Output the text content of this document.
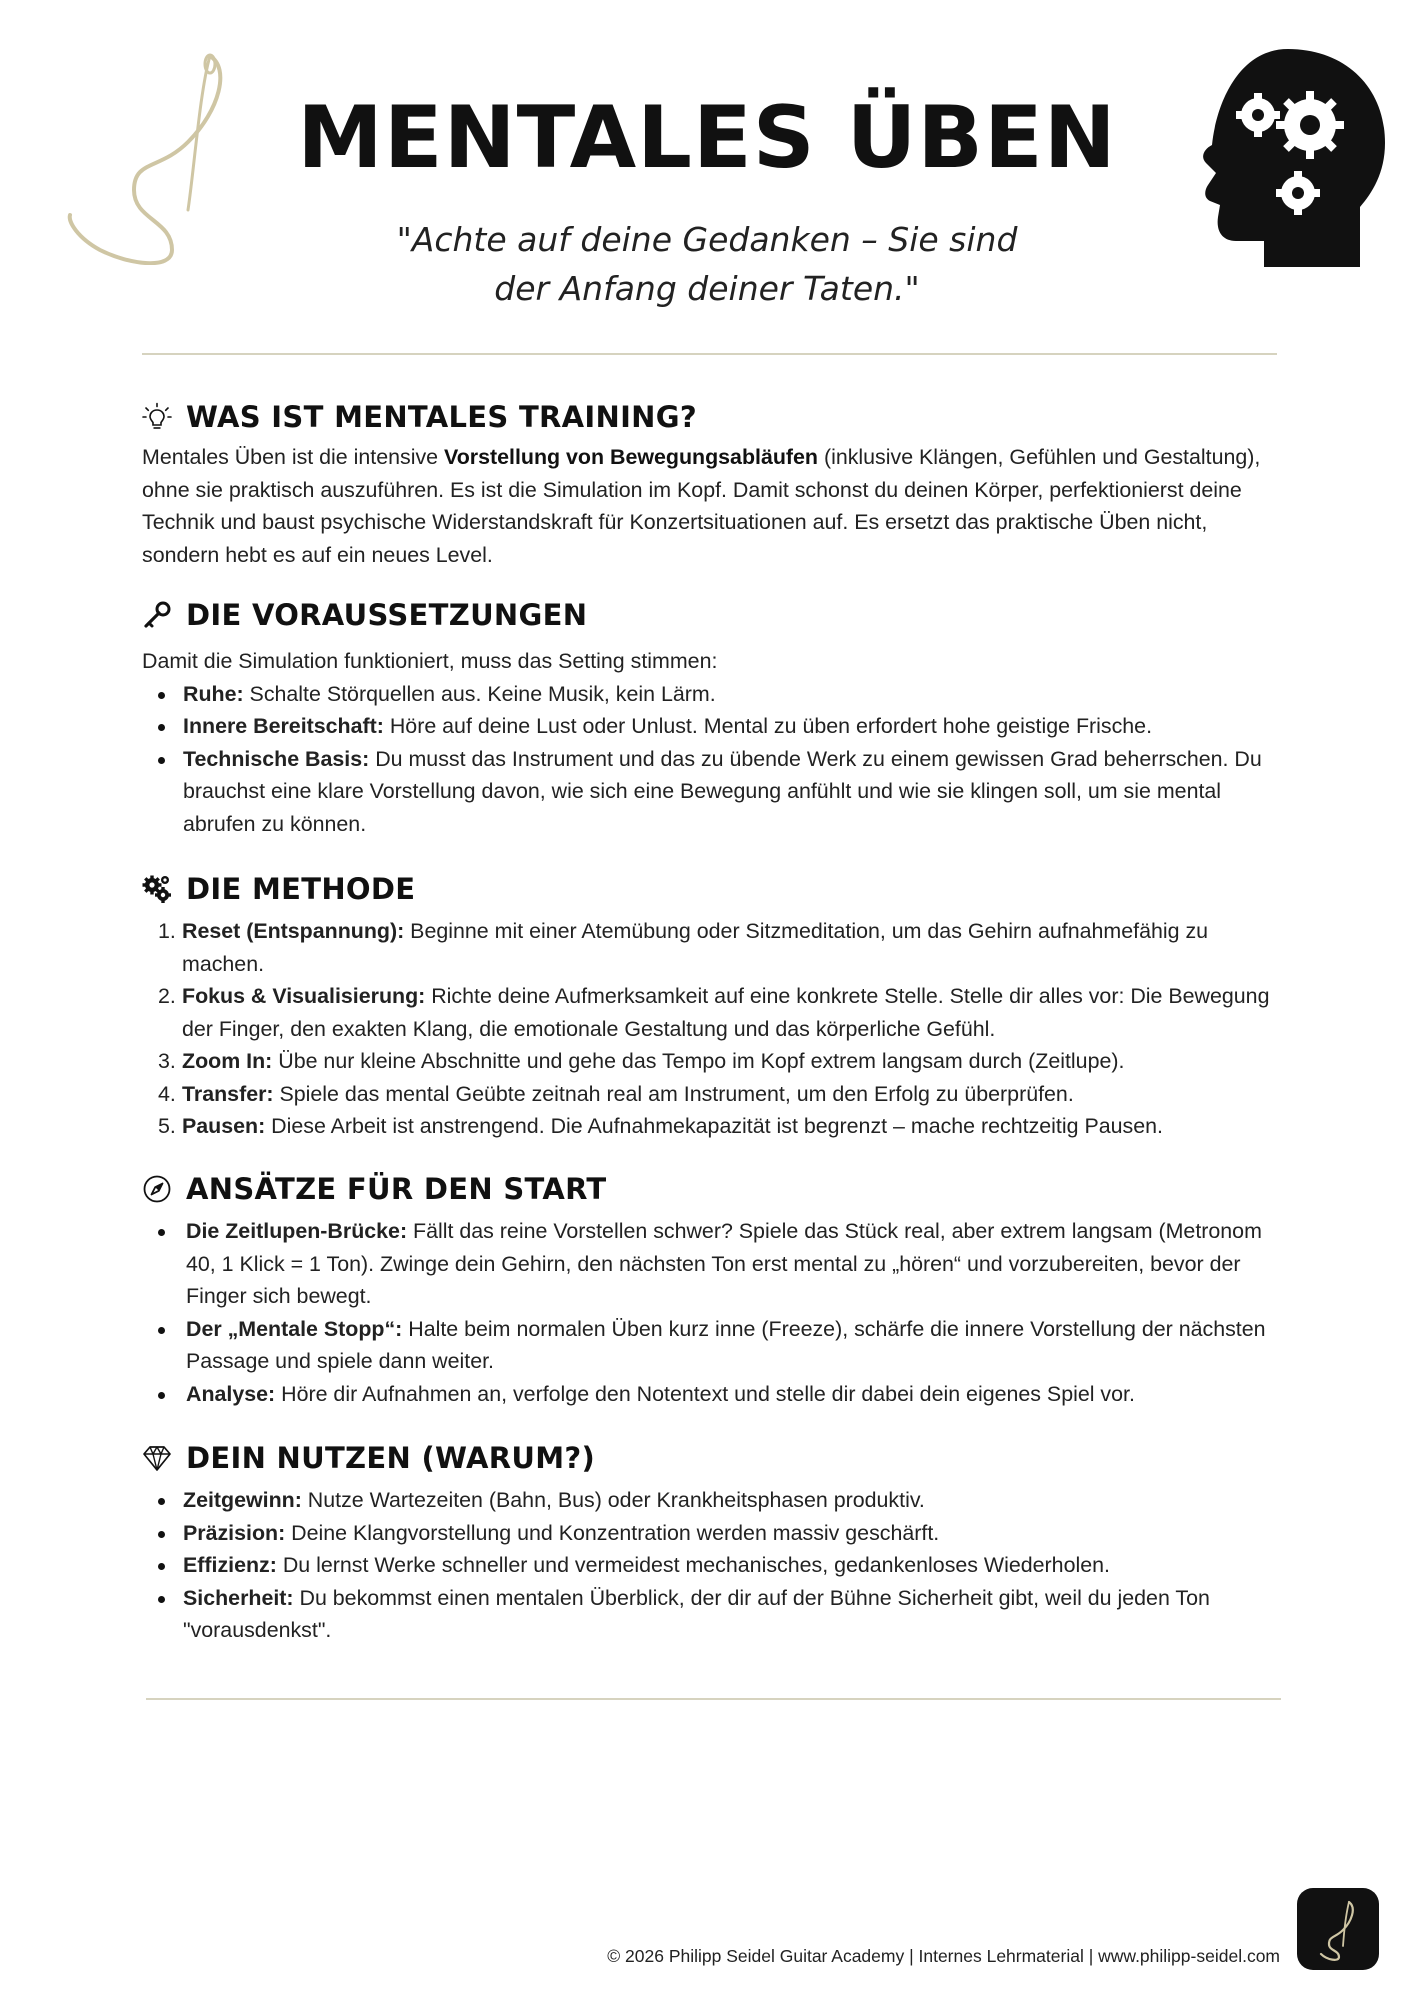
MENTALES ÜBEN
"Achte auf deine Gedanken – Sie sind
der Anfang deiner Taten."
WAS IST MENTALES TRAINING?

Mentales Üben ist die intensive Vorstellung von Bewegungsabläufen (inklusive Klängen, Gefühlen und Gestaltung), ohne sie praktisch auszuführen. Es ist die Simulation im Kopf. Damit schonst du deinen Körper, perfektionierst deine Technik und baust psychische Widerstandskraft für Konzertsituationen auf. Es ersetzt das praktische Üben nicht, sondern hebt es auf ein neues Level.

DIE VORAUSSETZUNGEN

Damit die Simulation funktioniert, muss das Setting stimmen:

Ruhe: Schalte Störquellen aus. Keine Musik, kein Lärm.
Innere Bereitschaft: Höre auf deine Lust oder Unlust. Mental zu üben erfordert hohe geistige Frische.
Technische Basis: Du musst das Instrument und das zu übende Werk zu einem gewissen Grad beherrschen. Du brauchst eine klare Vorstellung davon, wie sich eine Bewegung anfühlt und wie sie klingen soll, um sie mental abrufen zu können.
DIE METHODE
1. Reset (Entspannung): Beginne mit einer Atemübung oder Sitzmeditation, um das Gehirn aufnahmefähig zu machen.
2. Fokus & Visualisierung: Richte deine Aufmerksamkeit auf eine konkrete Stelle. Stelle dir alles vor: Die Bewegung der Finger, den exakten Klang, die emotionale Gestaltung und das körperliche Gefühl.
3. Zoom In: Übe nur kleine Abschnitte und gehe das Tempo im Kopf extrem langsam durch (Zeitlupe).
4. Transfer: Spiele das mental Geübte zeitnah real am Instrument, um den Erfolg zu überprüfen.
5. Pausen: Diese Arbeit ist anstrengend. Die Aufnahmekapazität ist begrenzt – mache rechtzeitig Pausen.
ANSÄTZE FÜR DEN START
Die Zeitlupen-Brücke: Fällt das reine Vorstellen schwer? Spiele das Stück real, aber extrem langsam (Metronom 40, 1 Klick = 1 Ton). Zwinge dein Gehirn, den nächsten Ton erst mental zu „hören“ und vorzubereiten, bevor der Finger sich bewegt.
Der „Mentale Stopp“: Halte beim normalen Üben kurz inne (Freeze), schärfe die innere Vorstellung der nächsten Passage und spiele dann weiter.
Analyse: Höre dir Aufnahmen an, verfolge den Notentext und stelle dir dabei dein eigenes Spiel vor.
DEIN NUTZEN (WARUM?)
Zeitgewinn: Nutze Wartezeiten (Bahn, Bus) oder Krankheitsphasen produktiv.
Präzision: Deine Klangvorstellung und Konzentration werden massiv geschärft.
Effizienz: Du lernst Werke schneller und vermeidest mechanisches, gedankenloses Wiederholen.
Sicherheit: Du bekommst einen mentalen Überblick, der dir auf der Bühne Sicherheit gibt, weil du jeden Ton "vorausdenkst".
© 2026 Philipp Seidel Guitar Academy | Internes Lehrmaterial | www.philipp-seidel.com
